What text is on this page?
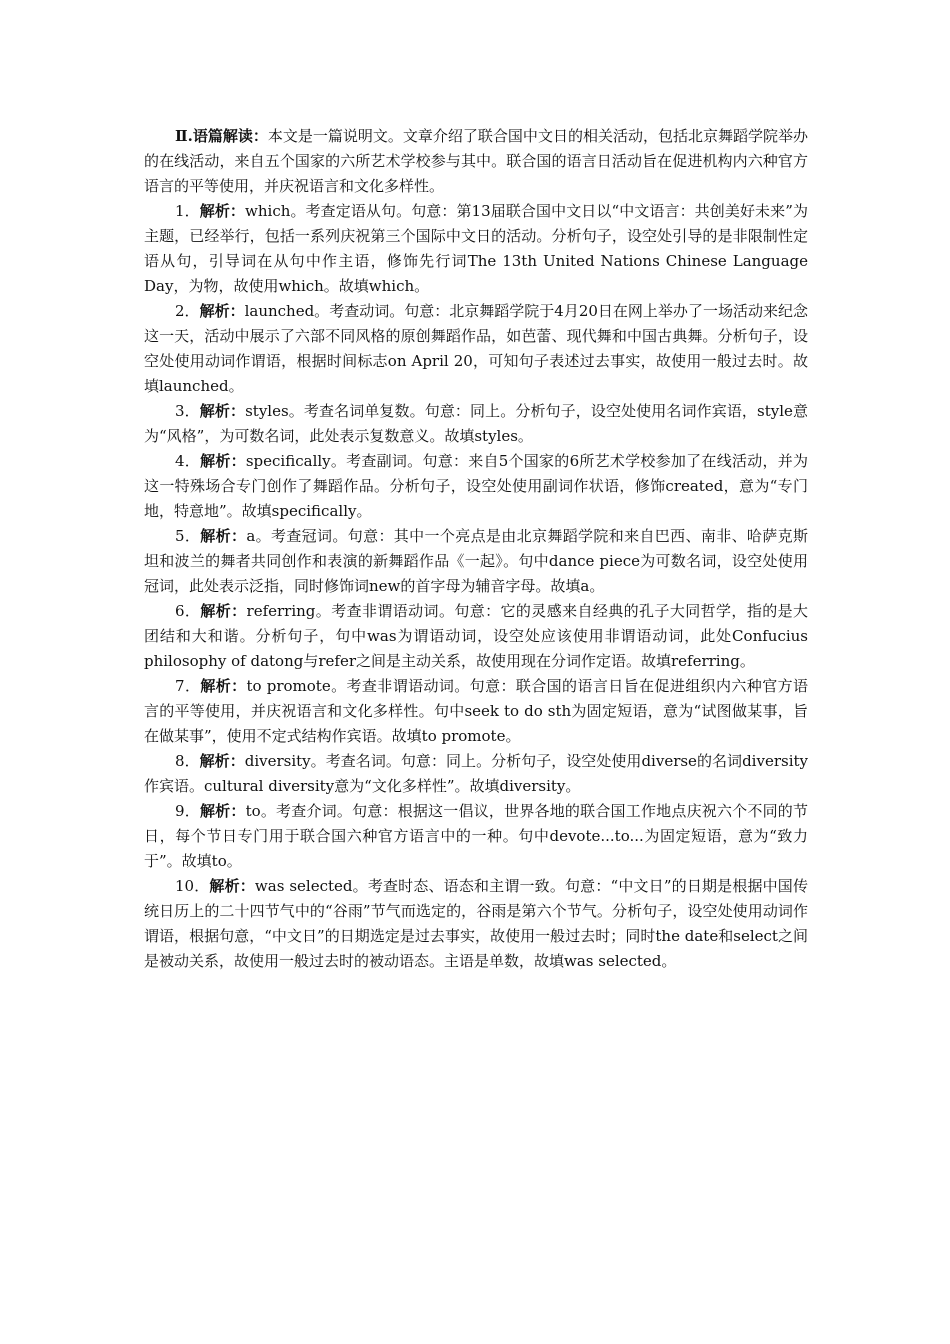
Ⅱ.语篇解读：本文是一篇说明文。文章介绍了联合国中文日的相关活动，包括北京舞蹈学院举办的在线活动，来自五个国家的六所艺术学校参与其中。联合国的语言日活动旨在促进机构内六种官方语言的平等使用，并庆祝语言和文化多样性。

1．解析：which。考查定语从句。句意：第13届联合国中文日以“中文语言：共创美好未来”为主题，已经举行，包括一系列庆祝第三个国际中文日的活动。分析句子，设空处引导的是非限制性定语从句，引导词在从句中作主语，修饰先行词The 13th United Nations Chinese Language Day，为物，故使用which。故填which。

2．解析：launched。考查动词。句意：北京舞蹈学院于4月20日在网上举办了一场活动来纪念这一天，活动中展示了六部不同风格的原创舞蹈作品，如芭蕾、现代舞和中国古典舞。分析句子，设空处使用动词作谓语，根据时间标志on April 20，可知句子表述过去事实，故使用一般过去时。故填launched。

3．解析：styles。考查名词单复数。句意：同上。分析句子，设空处使用名词作宾语，style意为“风格”，为可数名词，此处表示复数意义。故填styles。

4．解析：specifically。考查副词。句意：来自5个国家的6所艺术学校参加了在线活动，并为这一特殊场合专门创作了舞蹈作品。分析句子，设空处使用副词作状语，修饰created，意为“专门地，特意地”。故填specifically。

5．解析：a。考查冠词。句意：其中一个亮点是由北京舞蹈学院和来自巴西、南非、哈萨克斯坦和波兰的舞者共同创作和表演的新舞蹈作品《一起》。句中dance piece为可数名词，设空处使用冠词，此处表示泛指，同时修饰词new的首字母为辅音字母。故填a。

6．解析：referring。考查非谓语动词。句意：它的灵感来自经典的孔子大同哲学，指的是大团结和大和谐。分析句子，句中was为谓语动词，设空处应该使用非谓语动词，此处Confucius philosophy of datong与refer之间是主动关系，故使用现在分词作定语。故填referring。

7．解析：to promote。考查非谓语动词。句意：联合国的语言日旨在促进组织内六种官方语言的平等使用，并庆祝语言和文化多样性。句中seek to do sth为固定短语，意为“试图做某事，旨在做某事”，使用不定式结构作宾语。故填to promote。

8．解析：diversity。考查名词。句意：同上。分析句子，设空处使用diverse的名词diversity作宾语。cultural diversity意为“文化多样性”。故填diversity。

9．解析：to。考查介词。句意：根据这一倡议，世界各地的联合国工作地点庆祝六个不同的节日，每个节日专门用于联合国六种官方语言中的一种。句中devote...to...为固定短语，意为“致力于”。故填to。

10．解析：was selected。考查时态、语态和主谓一致。句意：“中文日”的日期是根据中国传统日历上的二十四节气中的“谷雨”节气而选定的，谷雨是第六个节气。分析句子，设空处使用动词作谓语，根据句意，“中文日”的日期选定是过去事实，故使用一般过去时；同时the date和select之间是被动关系，故使用一般过去时的被动语态。主语是单数，故填was selected。
